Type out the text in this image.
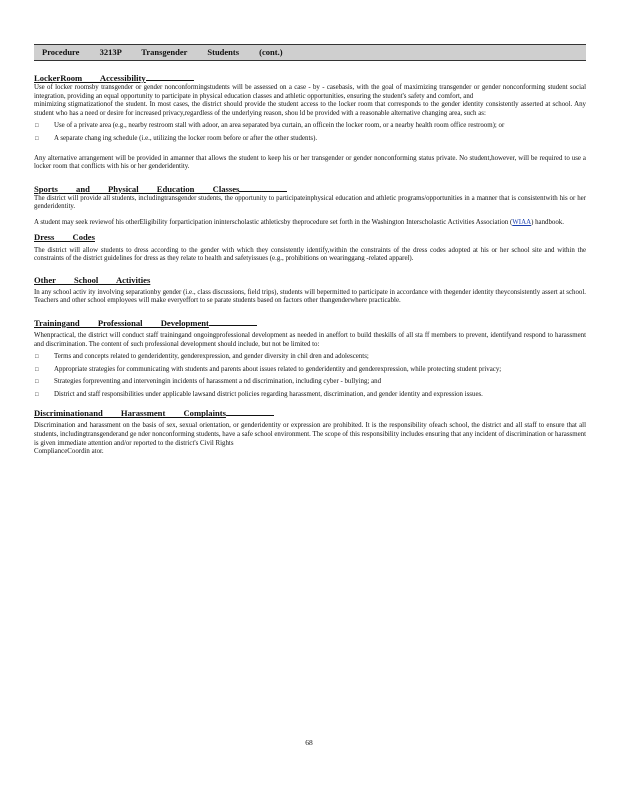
Procedure 3213P Transgender Students (cont.)
LockerRoom Accessibility

Use of locker roomsby transgender or gender nonconformingstudents will be assessed on a case - by - casebasis, with the goal of maximizing transgender or gender nonconforming student social integration, providing an equal opportunity to participate in physical education classes and athletic opportunities, ensuring the student's safety and comfort, and

minimizing stigmatizationof the student. In most cases, the district should provide the student access to the locker room that corresponds to the gender identity consistently asserted at school. Any student who has a need or desire for increased privacy,regardless of the underlying reason, shou ld be provided with a reasonable alternative changing area, such as:

□ Use of a private area (e.g., nearby restroom stall with adoor, an area separated bya curtain, an officein the locker room, or a nearby health room office restroom); or
□ A separate chang ing schedule (i.e., utilizing the locker room before or after the other students).

Any alternative arrangement will be provided in amanner that allows the student to keep his or her transgender or gender nonconforming status private. No student,however, will be required to use a locker room that conflicts with his or her genderidentity.

Sports and Physical Education Classes

The district will provide all students, includingtransgender students, the opportunity to participateinphysical education and athletic programs/opportunities in a manner that is consistentwith his or her genderidentity.

A student may seek reviewof his otherEligibility forparticipation ininterscholastic athleticsby theprocedure set forth in the Washington Interscholastic Activities Association (WIAA) handbook.

Dress Codes

The district will allow students to dress according to the gender with which they consistently identify,within the constraints of the dress codes adopted at his or her school site and within the constraints of the district guidelines for dress as they relate to health and safetyissues (e.g., prohibitions on wearinggang -related apparel).

Other School Activities

In any school activ ity involving separationby gender (i.e., class discussions, field trips), students will bepermitted to participate in accordance with thegender identity theyconsistently assert at school. Teachers and other school employees will make everyeffort to se parate students based on factors other thangenderwhere practicable.

Trainingand Professional Development

Whenpractical, the district will conduct staff trainingand ongoingprofessional development as needed in aneffort to build theskills of all sta ff members to prevent, identifyand respond to harassment and discrimination. The content of such professional development should include, but not be limited to:

□ Terms and concepts related to genderidentity, genderexpression, and gender diversity in chil dren and adolescents;
□ Appropriate strategies for communicating with students and parents about issues related to genderidentity and genderexpression, while protecting student privacy;
□ Strategies forpreventing and interveningin incidents of harassment a nd discrimination, including cyber - bullying; and
□ District and staff responsibilities under applicable lawsand district policies regarding harassment, discrimination, and gender identity and expression issues.
Discriminationand Harassment Complaints

Discrimination and harassment on the basis of sex, sexual orientation, or genderidentity or expression are prohibited. It is the responsibility ofeach school, the district and all staff to ensure that all students, includingtransgenderand ge nder nonconforming students, have a safe school environment. The scope of this responsibility includes ensuring that any incident of discrimination or harassment is given immediate attention and/or reported to the district's Civil Rights

ComplianceCoordin ator.

68
